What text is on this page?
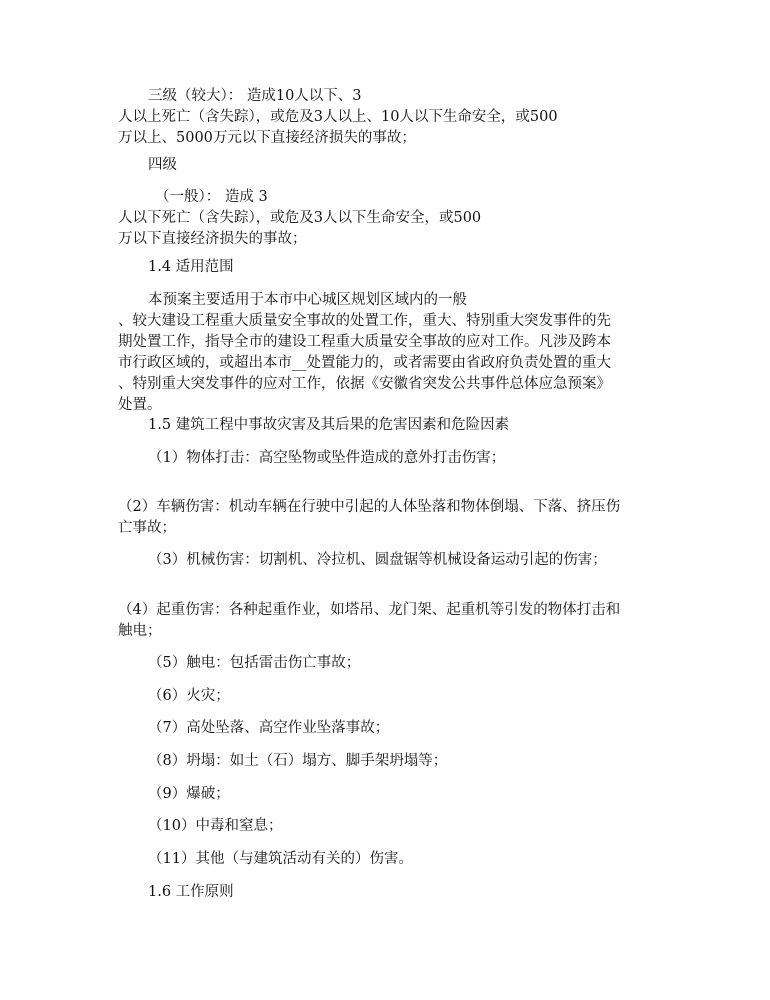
三级（较大）： 造成10人以下、3
人以上死亡（含失踪），或危及3人以上、10人以下生命安全，或500
万以上、5000万元以下直接经济损失的事故；
四级
（一般）： 造成 3
人以下死亡（含失踪），或危及3人以下生命安全，或500
万以下直接经济损失的事故；
1.4 适用范围
本预案主要适用于本市中心城区规划区域内的一般
、较大建设工程重大质量安全事故的处置工作，重大、特别重大突发事件的先
期处置工作，指导全市的建设工程重大质量安全事故的应对工作。凡涉及跨本
市行政区域的，或超出本市__处置能力的，或者需要由省政府负责处置的重大
、特别重大突发事件的应对工作，依据《安徽省突发公共事件总体应急预案》
处置。
1.5 建筑工程中事故灾害及其后果的危害因素和危险因素
（1）物体打击：高空坠物或坠件造成的意外打击伤害；
（2）车辆伤害：机动车辆在行驶中引起的人体坠落和物体倒塌、下落、挤压伤
亡事故；
（3）机械伤害：切割机、冷拉机、圆盘锯等机械设备运动引起的伤害；
（4）起重伤害：各种起重作业，如塔吊、龙门架、起重机等引发的物体打击和
触电；
（5）触电：包括雷击伤亡事故；
（6）火灾；
（7）高处坠落、高空作业坠落事故；
（8）坍塌：如土（石）塌方、脚手架坍塌等；
（9）爆破；
（10）中毒和窒息；
（11）其他（与建筑活动有关的）伤害。
1.6 工作原则
